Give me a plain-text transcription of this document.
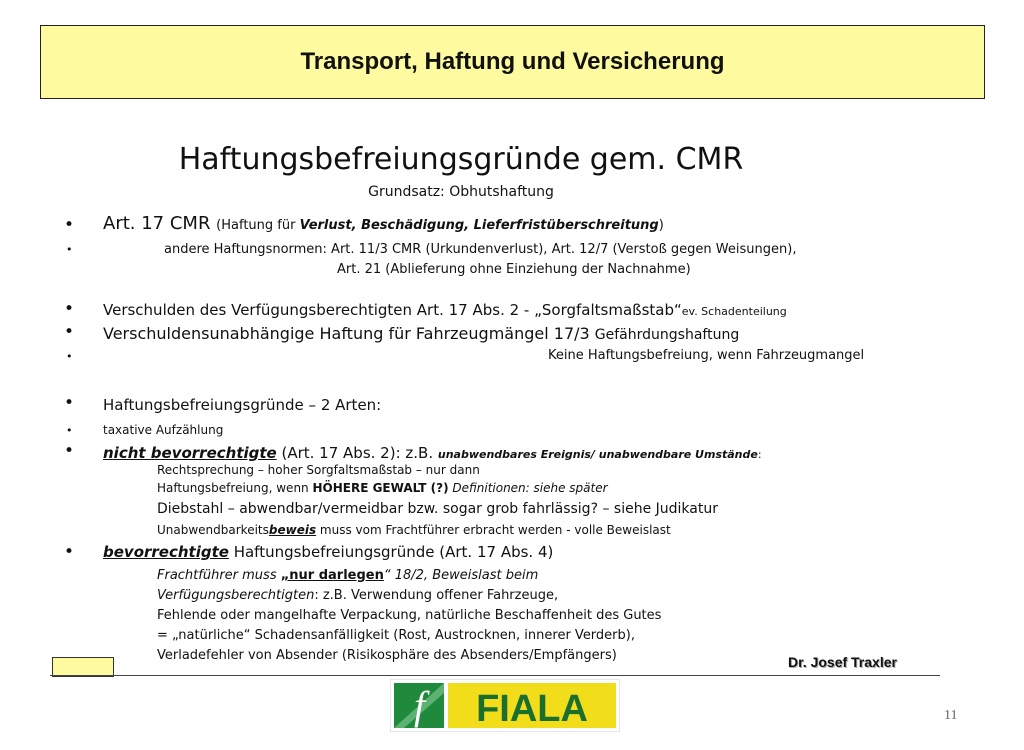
Transport, Haftung und Versicherung
Haftungsbefreiungsgründe gem. CMR
Grundsatz: Obhutshaftung
•
•
•
•
•
•
•
•
•
Art. 17 CMR (Haftung für Verlust, Beschädigung, Lieferfristüberschreitung)
andere Haftungsnormen: Art. 11/3 CMR (Urkundenverlust), Art. 12/7 (Verstoß gegen Weisungen),
Art. 21 (Ablieferung ohne Einziehung der Nachnahme)
Verschulden des Verfügungsberechtigten Art. 17 Abs. 2 - „Sorgfaltsmaßstab“ev. Schadenteilung
Verschuldensunabhängige Haftung für Fahrzeugmängel 17/3 Gefährdungshaftung
Keine Haftungsbefreiung, wenn Fahrzeugmangel
Haftungsbefreiungsgründe – 2 Arten:
taxative Aufzählung
nicht bevorrechtigte (Art. 17 Abs. 2): z.B. unabwendbares Ereignis/ unabwendbare Umstände:
Rechtsprechung – hoher Sorgfaltsmaßstab – nur dann
Haftungsbefreiung, wenn HÖHERE GEWALT (?) Definitionen: siehe später
Diebstahl – abwendbar/vermeidbar bzw. sogar grob fahrlässig? – siehe Judikatur
Unabwendbarkeitsbeweis muss vom Frachtführer erbracht werden - volle Beweislast
bevorrechtigte Haftungsbefreiungsgründe (Art. 17 Abs. 4)
Frachtführer muss „nur darlegen“ 18/2, Beweislast beim
Verfügungsberechtigten: z.B. Verwendung offener Fahrzeuge,
Fehlende oder mangelhafte Verpackung, natürliche Beschaffenheit des Gutes
= „natürliche“ Schadensanfälligkeit (Rost, Austrocknen, innerer Verderb),
Verladefehler von Absender (Risikosphäre des Absenders/Empfängers)	Dr. Josef Traxler
f FIALA	11
